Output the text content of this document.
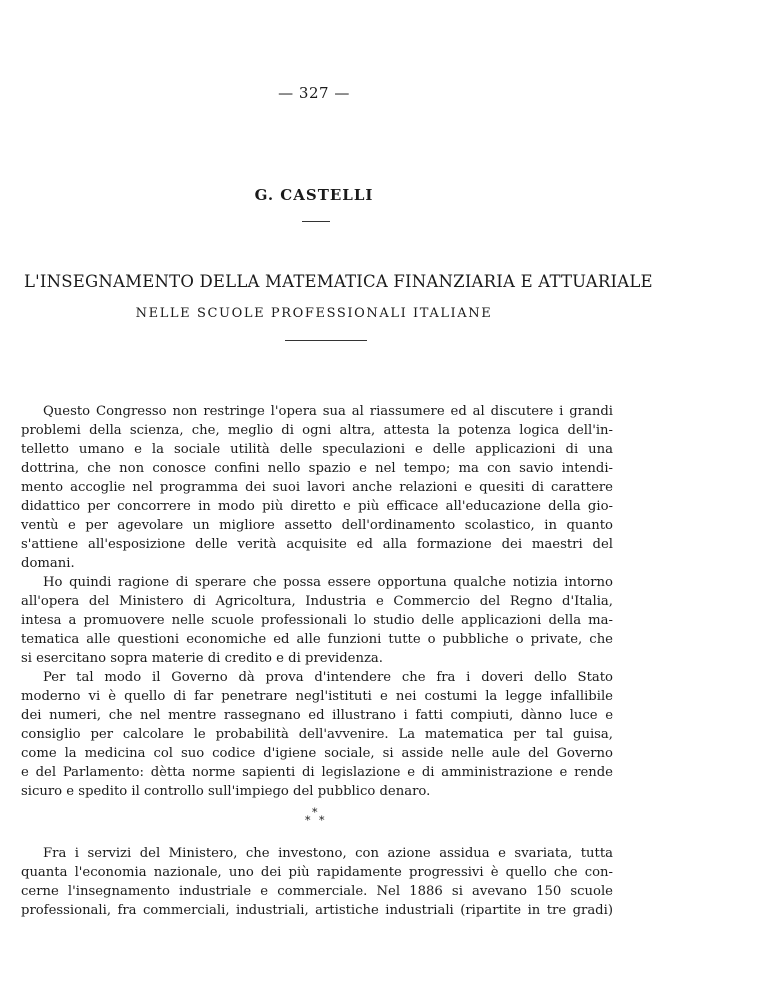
— 327 —
G. CASTELLI
L'INSEGNAMENTO DELLA MATEMATICA FINANZIARIA E ATTUARIALE
NELLE SCUOLE PROFESSIONALI ITALIANE
Questo Congresso non restringe l'opera sua al riassumere ed al discutere i grandi
problemi della scienza, che, meglio di ogni altra, attesta la potenza logica dell'in-
telletto umano e la sociale utilità delle speculazioni e delle applicazioni di una
dottrina, che non conosce confini nello spazio e nel tempo; ma con savio intendi-
mento accoglie nel programma dei suoi lavori anche relazioni e quesiti di carattere
didattico per concorrere in modo più diretto e più efficace all'educazione della gio-
ventù e per agevolare un migliore assetto dell'ordinamento scolastico, in quanto
s'attiene all'esposizione delle verità acquisite ed alla formazione dei maestri del
domani.
Ho quindi ragione di sperare che possa essere opportuna qualche notizia intorno
all'opera del Ministero di Agricoltura, Industria e Commercio del Regno d'Italia,
intesa a promuovere nelle scuole professionali lo studio delle applicazioni della ma-
tematica alle questioni economiche ed alle funzioni tutte o pubbliche o private, che
si esercitano sopra materie di credito e di previdenza.
Per tal modo il Governo dà prova d'intendere che fra i doveri dello Stato
moderno vi è quello di far penetrare negl'istituti e nei costumi la legge infallibile
dei numeri, che nel mentre rassegnano ed illustrano i fatti compiuti, dànno luce e
consiglio per calcolare le probabilità dell'avvenire. La matematica per tal guisa,
come la medicina col suo codice d'igiene sociale, si asside nelle aule del Governo
e del Parlamento: dètta norme sapienti di legislazione e di amministrazione e rende
sicuro e spedito il controllo sull'impiego del pubblico denaro.
*
* *
Fra i servizi del Ministero, che investono, con azione assidua e svariata, tutta
quanta l'economia nazionale, uno dei più rapidamente progressivi è quello che con-
cerne l'insegnamento industriale e commerciale. Nel 1886 si avevano 150 scuole
professionali, fra commerciali, industriali, artistiche industriali (ripartite in tre gradi)
